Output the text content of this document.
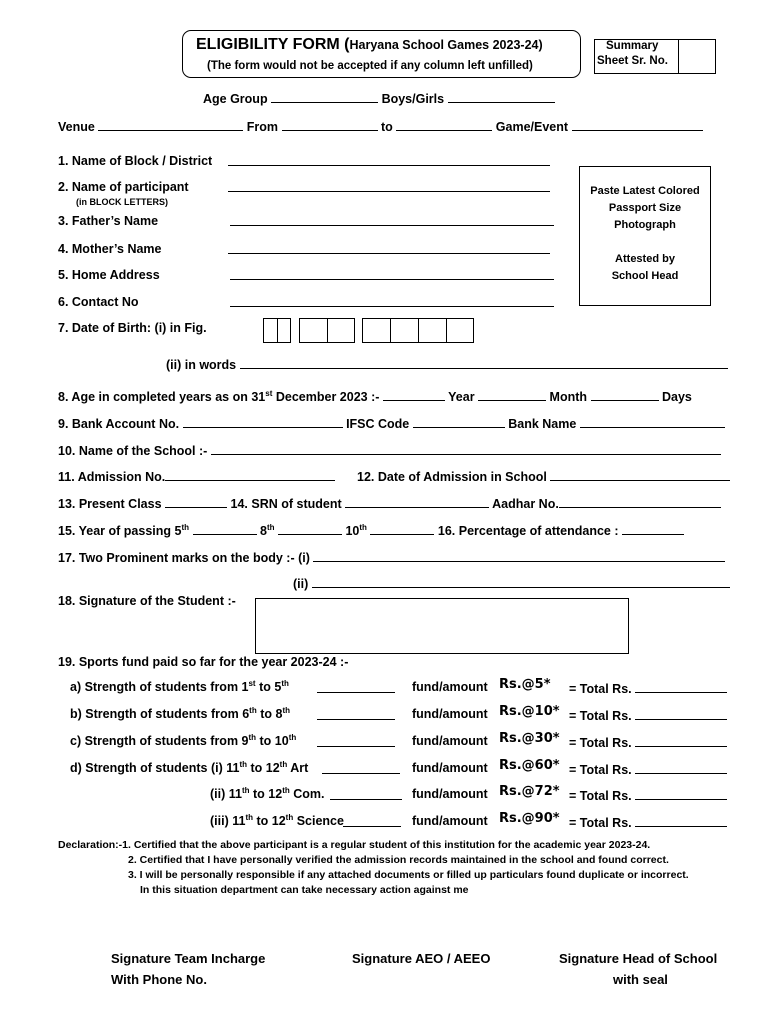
ELIGIBILITY FORM (Haryana School Games 2023-24)
(The form would not be accepted if any column left unfilled)
Summary
Sheet Sr. No.
Age Group	Boys/Girls
Venue	From	to	Game/Event
Paste Latest Colored
Passport Size
Photograph
Attested by
School Head
1. Name of Block / District
2. Name of participant
(in BLOCK LETTERS)
3. Father’s Name
4. Mother’s Name
5. Home Address
6. Contact No
7. Date of Birth: (i) in Fig.
(ii) in words
8. Age in completed years as on 31st December 2023 :-	Year	Month	Days
9. Bank Account No.	IFSC Code	Bank Name
10. Name of the School :-
11. Admission No.	12. Date of Admission in School
13. Present Class	14. SRN of student	Aadhar No.
15. Year of passing 5th	8th	10th	16. Percentage of attendance :
17. Two Prominent marks on the body :- (i)
(ii)
18. Signature of the Student :-
19. Sports fund paid so far for the year 2023-24 :-
a) Strength of students from 1st to 5th	fund/amount Rs.@5* = Total Rs.
b) Strength of students from 6th to 8th	fund/amount Rs.@10* = Total Rs.
c) Strength of students from 9th to 10th	fund/amount Rs.@30* = Total Rs.
d) Strength of students (i) 11th to 12th Art	fund/amount Rs.@60* = Total Rs.
(ii) 11th to 12th Com.	fund/amount Rs.@72* = Total Rs.
(iii) 11th to 12th Science	fund/amount Rs.@90* = Total Rs.
Declaration:-1. Certified that the above participant is a regular student of this institution for the academic year 2023-24.
2. Certified that I have personally verified the admission records maintained in the school and found correct.
3. I will be personally responsible if any attached documents or filled up particulars found duplicate or incorrect.
In this situation department can take necessary action against me
Signature Team Incharge
With Phone No.
Signature AEO / AEEO	Signature Head of School
with seal
